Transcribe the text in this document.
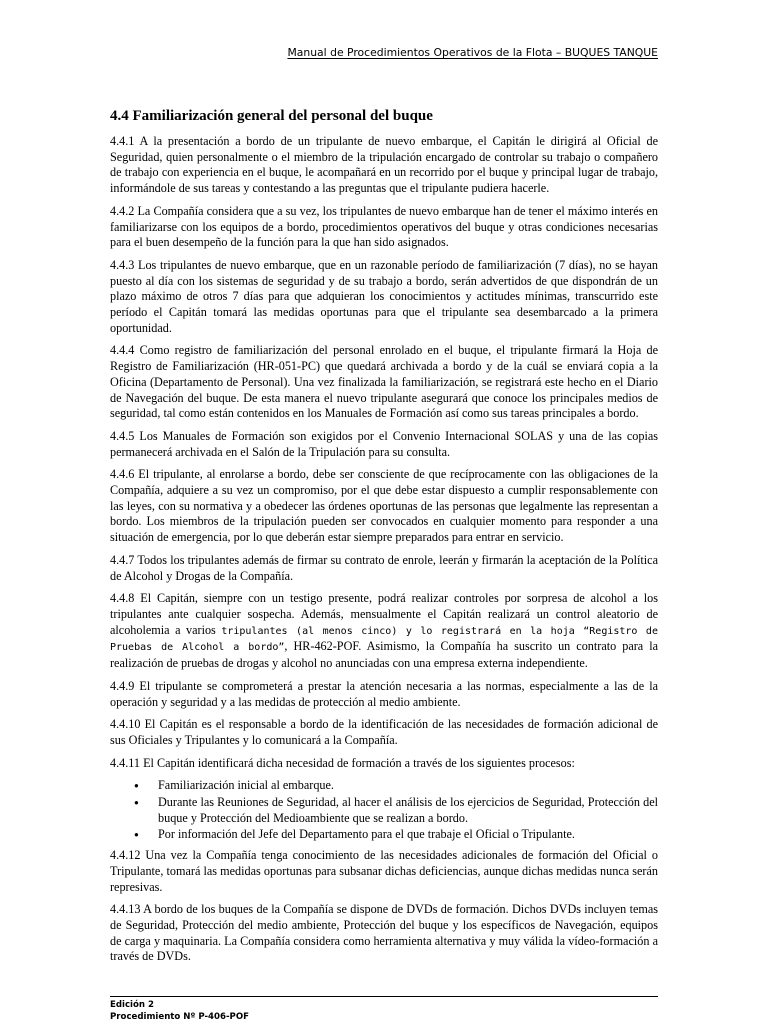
Manual de Procedimientos Operativos de la Flota – BUQUES TANQUE
4.4 Familiarización general del personal del buque

4.4.1 A la presentación a bordo de un tripulante de nuevo embarque, el Capitán le dirigirá al Oficial de Seguridad, quien personalmente o el miembro de la tripulación encargado de controlar su trabajo o compañero de trabajo con experiencia en el buque, le acompañará en un recorrido por el buque y principal lugar de trabajo, informándole de sus tareas y contestando a las preguntas que el tripulante pudiera hacerle.

4.4.2 La Compañía considera que a su vez, los tripulantes de nuevo embarque han de tener el máximo interés en familiarizarse con los equipos de a bordo, procedimientos operativos del buque y otras condiciones necesarias para el buen desempeño de la función para la que han sido asignados.

4.4.3 Los tripulantes de nuevo embarque, que en un razonable período de familiarización (7 días), no se hayan puesto al día con los sistemas de seguridad y de su trabajo a bordo, serán advertidos de que dispondrán de un plazo máximo de otros 7 días para que adquieran los conocimientos y actitudes mínimas, transcurrido este período el Capitán tomará las medidas oportunas para que el tripulante sea desembarcado a la primera oportunidad.

4.4.4 Como registro de familiarización del personal enrolado en el buque, el tripulante firmará la Hoja de Registro de Familiarización (HR-051-PC) que quedará archivada a bordo y de la cuál se enviará copia a la Oficina (Departamento de Personal). Una vez finalizada la familiarización, se registrará este hecho en el Diario de Navegación del buque. De esta manera el nuevo tripulante asegurará que conoce los principales medios de seguridad, tal como están contenidos en los Manuales de Formación así como sus tareas principales a bordo.

4.4.5 Los Manuales de Formación son exigidos por el Convenio Internacional SOLAS y una de las copias permanecerá archivada en el Salón de la Tripulación para su consulta.

4.4.6 El tripulante, al enrolarse a bordo, debe ser consciente de que recíprocamente con las obligaciones de la Compañía, adquiere a su vez un compromiso, por el que debe estar dispuesto a cumplir responsablemente con las leyes, con su normativa y a obedecer las órdenes oportunas de las personas que legalmente las representan a bordo. Los miembros de la tripulación pueden ser convocados en cualquier momento para responder a una situación de emergencia, por lo que deberán estar siempre preparados para entrar en servicio.

4.4.7 Todos los tripulantes además de firmar su contrato de enrole, leerán y firmarán la aceptación de la Política de Alcohol y Drogas de la Compañía.

4.4.8 El Capitán, siempre con un testigo presente, podrá realizar controles por sorpresa de alcohol a los tripulantes ante cualquier sospecha. Además, mensualmente el Capitán realizará un control aleatorio de alcoholemia a varios tripulantes (al menos cinco) y lo registrará en la hoja “Registro de Pruebas de Alcohol a bordo”, HR-462-POF. Asimismo, la Compañía ha suscrito un contrato para la realización de pruebas de drogas y alcohol no anunciadas con una empresa externa independiente.

4.4.9 El tripulante se comprometerá a prestar la atención necesaria a las normas, especialmente a las de la operación y seguridad y a las medidas de protección al medio ambiente.

4.4.10 El Capitán es el responsable a bordo de la identificación de las necesidades de formación adicional de sus Oficiales y Tripulantes y lo comunicará a la Compañía.

4.4.11 El Capitán identificará dicha necesidad de formación a través de los siguientes procesos:

● Familiarización inicial al embarque.
● Durante las Reuniones de Seguridad, al hacer el análisis de los ejercicios de Seguridad, Protección del buque y Protección del Medioambiente que se realizan a bordo.
● Por información del Jefe del Departamento para el que trabaje el Oficial o Tripulante.

4.4.12 Una vez la Compañía tenga conocimiento de las necesidades adicionales de formación del Oficial o Tripulante, tomará las medidas oportunas para subsanar dichas deficiencias, aunque dichas medidas nunca serán represivas.

4.4.13 A bordo de los buques de la Compañía se dispone de DVDs de formación. Dichos DVDs incluyen temas de Seguridad, Protección del medio ambiente, Protección del buque y los específicos de Navegación, equipos de carga y maquinaria. La Compañía considera como herramienta alternativa y muy válida la vídeo-formación a través de DVDs.

Edición 2
Procedimiento Nº P-406-POF
